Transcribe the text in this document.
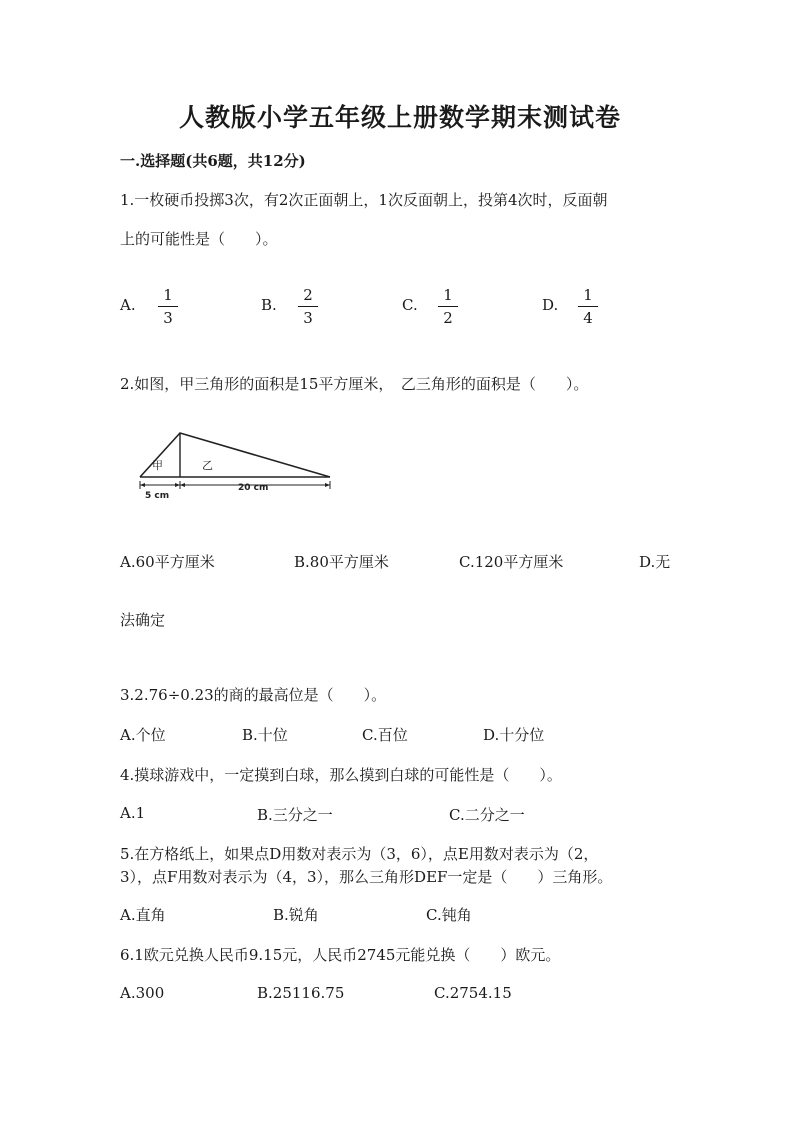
人教版小学五年级上册数学期末测试卷
一.选择题(共6题，共12分)
1.一枚硬币投掷3次，有2次正面朝上，1次反面朝上，投第4次时，反面朝
上的可能性是（　　）。
A.
1
3
B.
2
3
C.
1
2
D.
1
4
2.如图，甲三角形的面积是15平方厘米，　乙三角形的面积是（　　）。
甲	乙
5 cm
20 cm
A.60平方厘米	B.80平方厘米	C.120平方厘米	D.无
法确定
3.2.76÷0.23的商的最高位是（　　）。
A.个位	B.十位	C.百位	D.十分位
4.摸球游戏中，一定摸到白球，那么摸到白球的可能性是（　　）。
A.1	B.三分之一	C.二分之一
5.在方格纸上，如果点D用数对表示为（3，6），点E用数对表示为（2，
3），点F用数对表示为（4，3），那么三角形DEF一定是（　　）三角形。
A.直角	B.锐角	C.钝角
6.1欧元兑换人民币9.15元，人民币2745元能兑换（　　）欧元。
A.300	B.25116.75	C.2754.15
